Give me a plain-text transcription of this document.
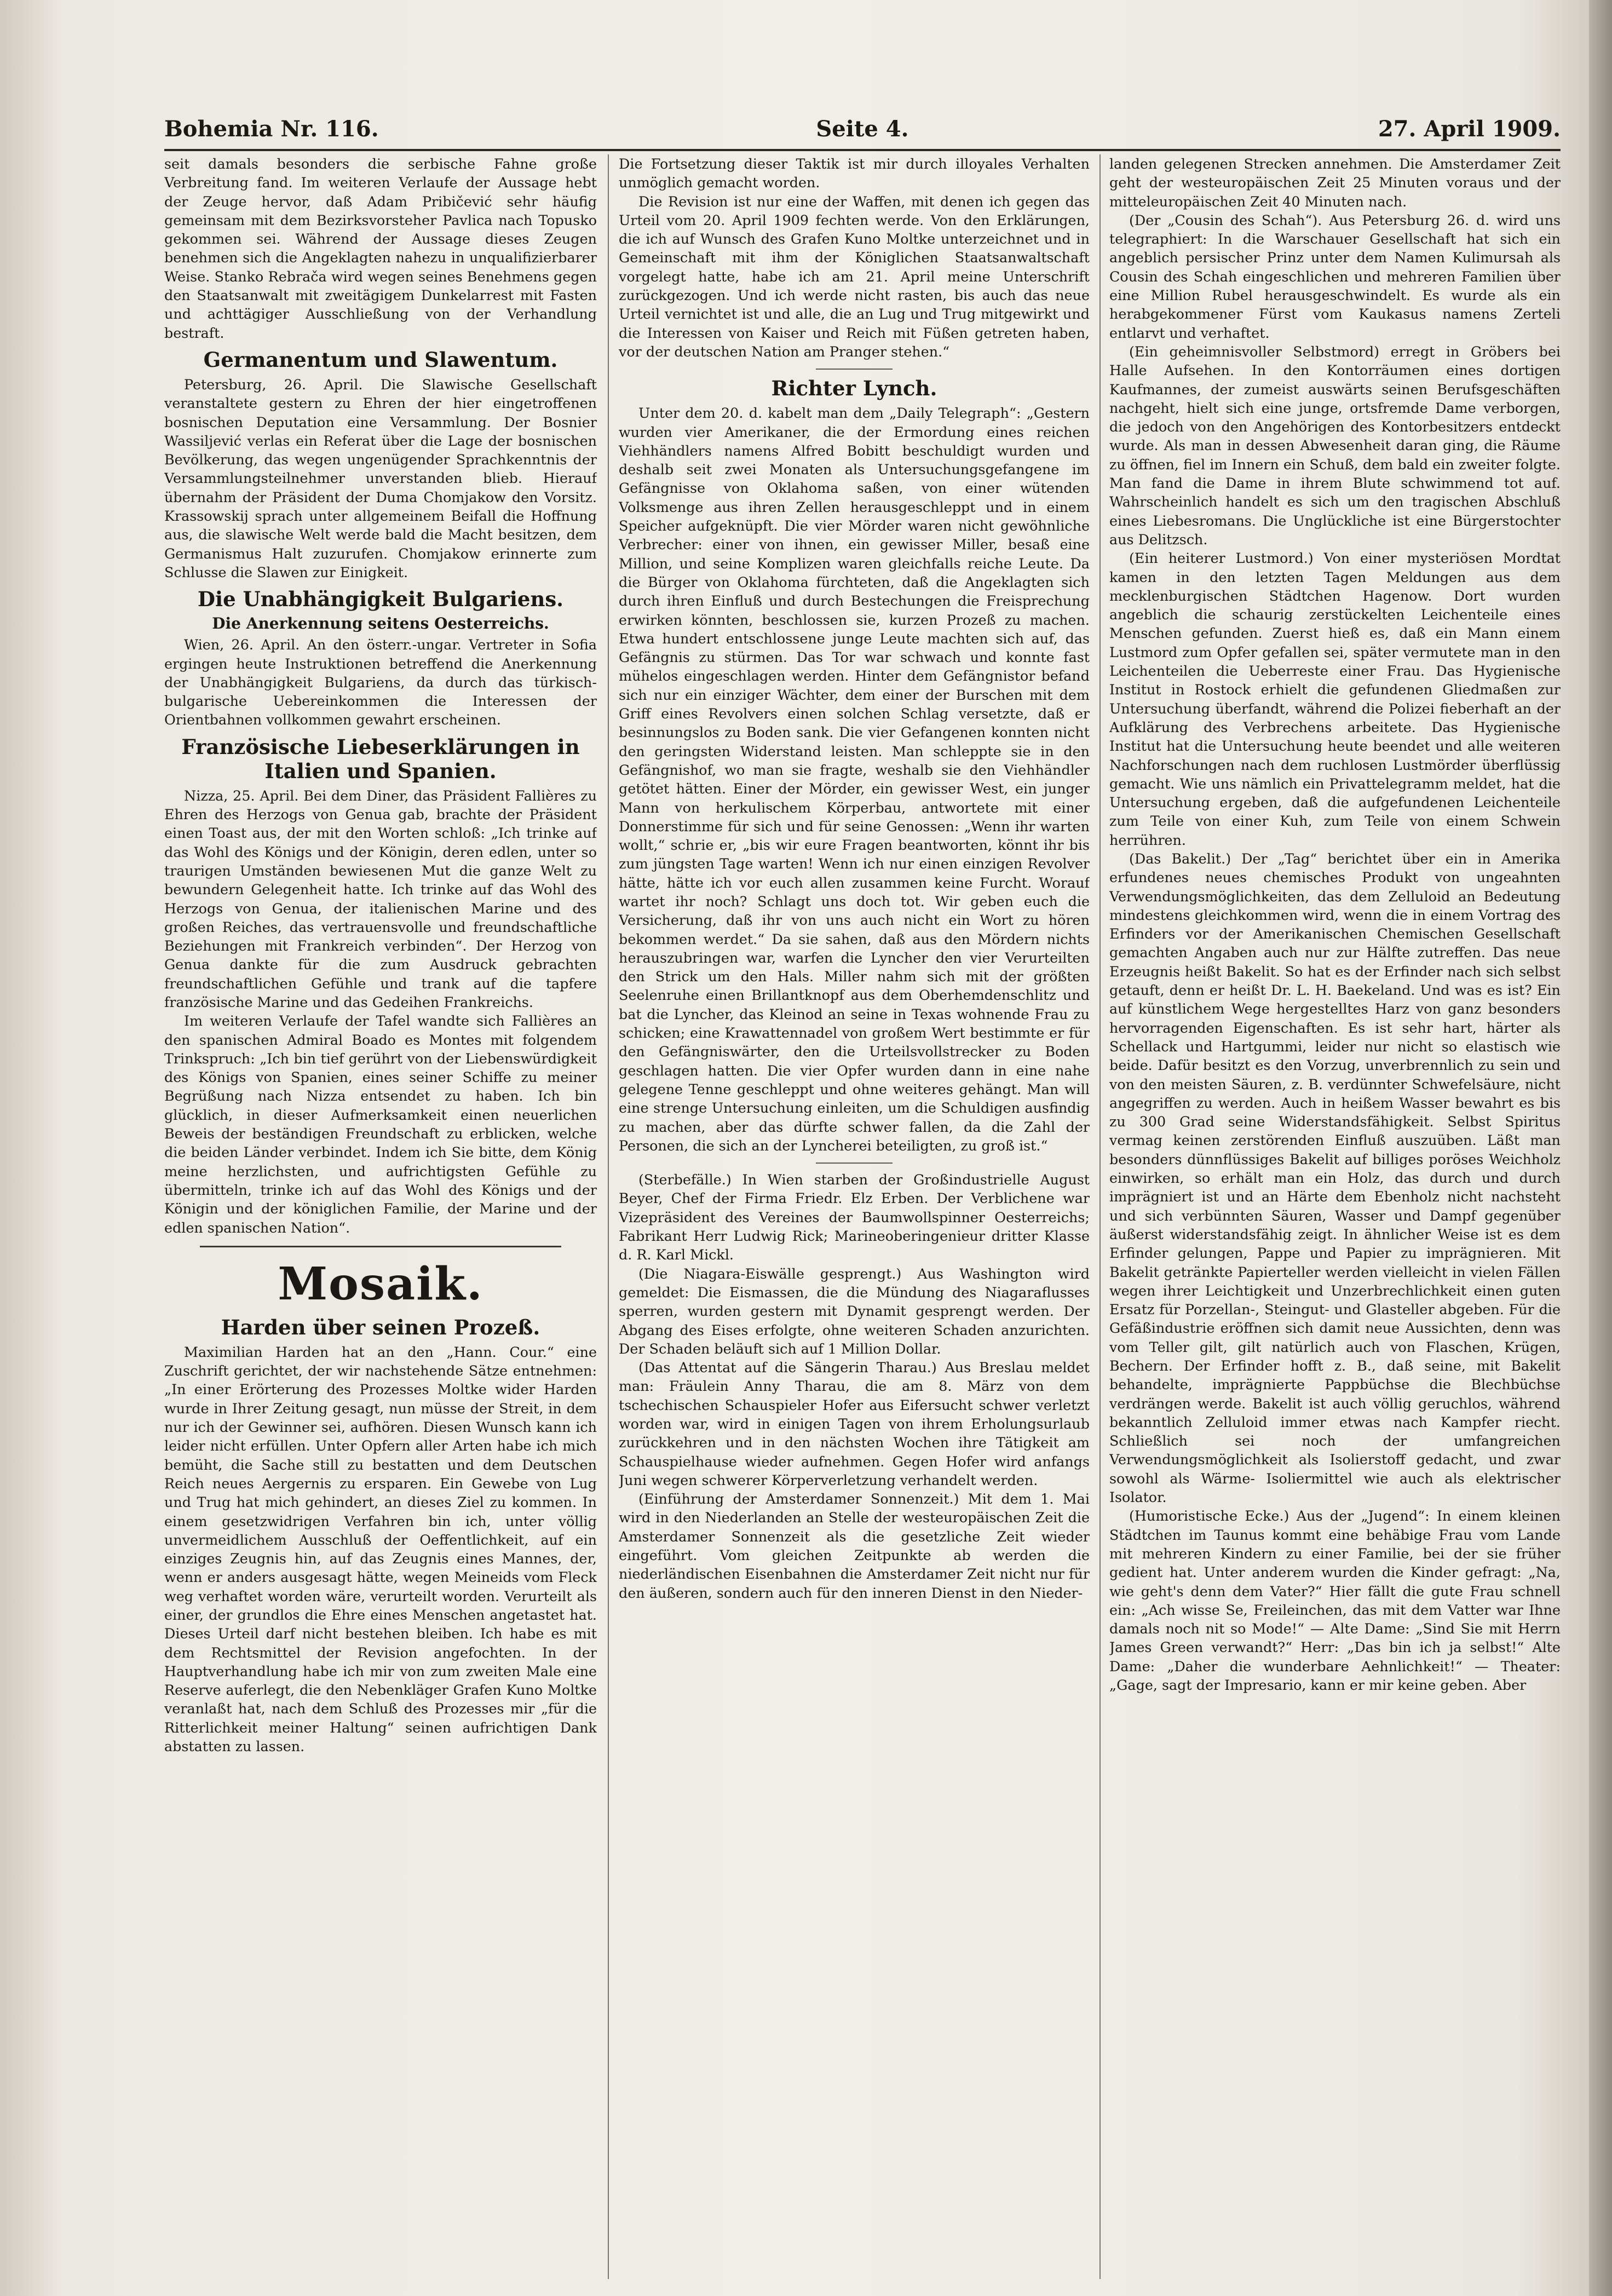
Bohemia Nr. 116.	Seite 4.	27. April 1909.

seit damals besonders die serbische Fahne große Verbreitung fand. Im weiteren Verlaufe der Aussage hebt der Zeuge hervor, daß Adam Pribičević sehr häufig gemeinsam mit dem Bezirksvorsteher Pavlica nach Topusko gekommen sei. Während der Aussage dieses Zeugen benehmen sich die Angeklagten nahezu in unqualifizierbarer Weise. Stanko Rebrača wird wegen seines Benehmens gegen den Staatsanwalt mit zweitägigem Dunkelarrest mit Fasten und achttägiger Ausschließung von der Verhandlung bestraft.

Germanentum und Slawentum.

Petersburg, 26. April. Die Slawische Gesellschaft veranstaltete gestern zu Ehren der hier eingetroffenen bosnischen Deputation eine Versammlung. Der Bosnier Wassiljević verlas ein Referat über die Lage der bosnischen Bevölkerung, das wegen ungenügender Sprachkenntnis der Versammlungsteilnehmer unverstanden blieb. Hierauf übernahm der Präsident der Duma Chomjakow den Vorsitz. Krassowskij sprach unter allgemeinem Beifall die Hoffnung aus, die slawische Welt werde bald die Macht besitzen, dem Germanismus Halt zuzurufen. Chomjakow erinnerte zum Schlusse die Slawen zur Einigkeit.

Die Unabhängigkeit Bulgariens.
Die Anerkennung seitens Oesterreichs.

Wien, 26. April. An den österr.-ungar. Vertreter in Sofia ergingen heute Instruktionen betreffend die Anerkennung der Unabhängigkeit Bulgariens, da durch das türkisch-bulgarische Uebereinkommen die Interessen der Orientbahnen vollkommen gewahrt erscheinen.

Französische Liebeserklärungen in Italien und Spanien.

Nizza, 25. April. Bei dem Diner, das Präsident Fallières zu Ehren des Herzogs von Genua gab, brachte der Präsident einen Toast aus, der mit den Worten schloß: „Ich trinke auf das Wohl des Königs und der Königin, deren edlen, unter so traurigen Umständen bewiesenen Mut die ganze Welt zu bewundern Gelegenheit hatte. Ich trinke auf das Wohl des Herzogs von Genua, der italienischen Marine und des großen Reiches, das vertrauensvolle und freundschaftliche Beziehungen mit Frankreich verbinden“. Der Herzog von Genua dankte für die zum Ausdruck gebrachten freundschaftlichen Gefühle und trank auf die tapfere französische Marine und das Gedeihen Frankreichs.

Im weiteren Verlaufe der Tafel wandte sich Fallières an den spanischen Admiral Boado es Montes mit folgendem Trinkspruch: „Ich bin tief gerührt von der Liebenswürdigkeit des Königs von Spanien, eines seiner Schiffe zu meiner Begrüßung nach Nizza entsendet zu haben. Ich bin glücklich, in dieser Aufmerksamkeit einen neuerlichen Beweis der beständigen Freundschaft zu erblicken, welche die beiden Länder verbindet. Indem ich Sie bitte, dem König meine herzlichsten, und aufrichtigsten Gefühle zu übermitteln, trinke ich auf das Wohl des Königs und der Königin und der königlichen Familie, der Marine und der edlen spanischen Nation“.

Mosaik.
Harden über seinen Prozeß.

Maximilian Harden hat an den „Hann. Cour.“ eine Zuschrift gerichtet, der wir nachstehende Sätze entnehmen: „In einer Erörterung des Prozesses Moltke wider Harden wurde in Ihrer Zeitung gesagt, nun müsse der Streit, in dem nur ich der Gewinner sei, aufhören. Diesen Wunsch kann ich leider nicht erfüllen. Unter Opfern aller Arten habe ich mich bemüht, die Sache still zu bestatten und dem Deutschen Reich neues Aergernis zu ersparen. Ein Gewebe von Lug und Trug hat mich gehindert, an dieses Ziel zu kommen. In einem gesetzwidrigen Verfahren bin ich, unter völlig unvermeidlichem Ausschluß der Oeffentlichkeit, auf ein einziges Zeugnis hin, auf das Zeugnis eines Mannes, der, wenn er anders ausgesagt hätte, wegen Meineids vom Fleck weg verhaftet worden wäre, verurteilt worden. Verurteilt als einer, der grundlos die Ehre eines Menschen angetastet hat. Dieses Urteil darf nicht bestehen bleiben. Ich habe es mit dem Rechtsmittel der Revision angefochten. In der Hauptverhandlung habe ich mir von zum zweiten Male eine Reserve auferlegt, die den Nebenkläger Grafen Kuno Moltke veranlaßt hat, nach dem Schluß des Prozesses mir „für die Ritterlichkeit meiner Haltung“ seinen aufrichtigen Dank abstatten zu lassen.

Die Fortsetzung dieser Taktik ist mir durch illoyales Verhalten unmöglich gemacht worden.

Die Revision ist nur eine der Waffen, mit denen ich gegen das Urteil vom 20. April 1909 fechten werde. Von den Erklärungen, die ich auf Wunsch des Grafen Kuno Moltke unterzeichnet und in Gemeinschaft mit ihm der Königlichen Staatsanwaltschaft vorgelegt hatte, habe ich am 21. April meine Unterschrift zurückgezogen. Und ich werde nicht rasten, bis auch das neue Urteil vernichtet ist und alle, die an Lug und Trug mitgewirkt und die Interessen von Kaiser und Reich mit Füßen getreten haben, vor der deutschen Nation am Pranger stehen.“

Richter Lynch.

Unter dem 20. d. kabelt man dem „Daily Telegraph“: „Gestern wurden vier Amerikaner, die der Ermordung eines reichen Viehhändlers namens Alfred Bobitt beschuldigt wurden und deshalb seit zwei Monaten als Untersuchungsgefangene im Gefängnisse von Oklahoma saßen, von einer wütenden Volksmenge aus ihren Zellen herausgeschleppt und in einem Speicher aufgeknüpft. Die vier Mörder waren nicht gewöhnliche Verbrecher: einer von ihnen, ein gewisser Miller, besaß eine Million, und seine Komplizen waren gleichfalls reiche Leute. Da die Bürger von Oklahoma fürchteten, daß die Angeklagten sich durch ihren Einfluß und durch Bestechungen die Freisprechung erwirken könnten, beschlossen sie, kurzen Prozeß zu machen. Etwa hundert entschlossene junge Leute machten sich auf, das Gefängnis zu stürmen. Das Tor war schwach und konnte fast mühelos eingeschlagen werden. Hinter dem Gefängnistor befand sich nur ein einziger Wächter, dem einer der Burschen mit dem Griff eines Revolvers einen solchen Schlag versetzte, daß er besinnungslos zu Boden sank. Die vier Gefangenen konnten nicht den geringsten Widerstand leisten. Man schleppte sie in den Gefängnishof, wo man sie fragte, weshalb sie den Viehhändler getötet hätten. Einer der Mörder, ein gewisser West, ein junger Mann von herkulischem Körperbau, antwortete mit einer Donnerstimme für sich und für seine Genossen: „Wenn ihr warten wollt,“ schrie er, „bis wir eure Fragen beantworten, könnt ihr bis zum jüngsten Tage warten! Wenn ich nur einen einzigen Revolver hätte, hätte ich vor euch allen zusammen keine Furcht. Worauf wartet ihr noch? Schlagt uns doch tot. Wir geben euch die Versicherung, daß ihr von uns auch nicht ein Wort zu hören bekommen werdet.“ Da sie sahen, daß aus den Mördern nichts herauszubringen war, warfen die Lyncher den vier Verurteilten den Strick um den Hals. Miller nahm sich mit der größten Seelenruhe einen Brillantknopf aus dem Oberhemdenschlitz und bat die Lyncher, das Kleinod an seine in Texas wohnende Frau zu schicken; eine Krawattennadel von großem Wert bestimmte er für den Gefängniswärter, den die Urteilsvollstrecker zu Boden geschlagen hatten. Die vier Opfer wurden dann in eine nahe gelegene Tenne geschleppt und ohne weiteres gehängt. Man will eine strenge Untersuchung einleiten, um die Schuldigen ausfindig zu machen, aber das dürfte schwer fallen, da die Zahl der Personen, die sich an der Lyncherei beteiligten, zu groß ist.“

(Sterbefälle.) In Wien starben der Großindustrielle August Beyer, Chef der Firma Friedr. Elz Erben. Der Verblichene war Vizepräsident des Vereines der Baumwollspinner Oesterreichs; Fabrikant Herr Ludwig Rick; Marineoberingenieur dritter Klasse d. R. Karl Mickl.

(Die Niagara-Eiswälle gesprengt.) Aus Washington wird gemeldet: Die Eismassen, die die Mündung des Niagaraflusses sperren, wurden gestern mit Dynamit gesprengt werden. Der Abgang des Eises erfolgte, ohne weiteren Schaden anzurichten. Der Schaden beläuft sich auf 1 Million Dollar.

(Das Attentat auf die Sängerin Tharau.) Aus Breslau meldet man: Fräulein Anny Tharau, die am 8. März von dem tschechischen Schauspieler Hofer aus Eifersucht schwer verletzt worden war, wird in einigen Tagen von ihrem Erholungsurlaub zurückkehren und in den nächsten Wochen ihre Tätigkeit am Schauspielhause wieder aufnehmen. Gegen Hofer wird anfangs Juni wegen schwerer Körperverletzung verhandelt werden.

(Einführung der Amsterdamer Sonnenzeit.) Mit dem 1. Mai wird in den Niederlanden an Stelle der westeuropäischen Zeit die Amsterdamer Sonnenzeit als die gesetzliche Zeit wieder eingeführt. Vom gleichen Zeitpunkte ab werden die niederländischen Eisenbahnen die Amsterdamer Zeit nicht nur für den äußeren, sondern auch für den inneren Dienst in den Nieder-

landen gelegenen Strecken annehmen. Die Amsterdamer Zeit geht der westeuropäischen Zeit 25 Minuten voraus und der mitteleuropäischen Zeit 40 Minuten nach.

(Der „Cousin des Schah“). Aus Petersburg 26. d. wird uns telegraphiert: In die Warschauer Gesellschaft hat sich ein angeblich persischer Prinz unter dem Namen Kulimursah als Cousin des Schah eingeschlichen und mehreren Familien über eine Million Rubel herausgeschwindelt. Es wurde als ein herabgekommener Fürst vom Kaukasus namens Zerteli entlarvt und verhaftet.

(Ein geheimnisvoller Selbstmord) erregt in Gröbers bei Halle Aufsehen. In den Kontorräumen eines dortigen Kaufmannes, der zumeist auswärts seinen Berufsgeschäften nachgeht, hielt sich eine junge, ortsfremde Dame verborgen, die jedoch von den Angehörigen des Kontorbesitzers entdeckt wurde. Als man in dessen Abwesenheit daran ging, die Räume zu öffnen, fiel im Innern ein Schuß, dem bald ein zweiter folgte. Man fand die Dame in ihrem Blute schwimmend tot auf. Wahrscheinlich handelt es sich um den tragischen Abschluß eines Liebesromans. Die Unglückliche ist eine Bürgerstochter aus Delitzsch.

(Ein heiterer Lustmord.) Von einer mysteriösen Mordtat kamen in den letzten Tagen Meldungen aus dem mecklenburgischen Städtchen Hagenow. Dort wurden angeblich die schaurig zerstückelten Leichenteile eines Menschen gefunden. Zuerst hieß es, daß ein Mann einem Lustmord zum Opfer gefallen sei, später vermutete man in den Leichenteilen die Ueberreste einer Frau. Das Hygienische Institut in Rostock erhielt die gefundenen Gliedmaßen zur Untersuchung überfandt, während die Polizei fieberhaft an der Aufklärung des Verbrechens arbeitete. Das Hygienische Institut hat die Untersuchung heute beendet und alle weiteren Nachforschungen nach dem ruchlosen Lustmörder überflüssig gemacht. Wie uns nämlich ein Privattelegramm meldet, hat die Untersuchung ergeben, daß die aufgefundenen Leichenteile zum Teile von einer Kuh, zum Teile von einem Schwein herrühren.

(Das Bakelit.) Der „Tag“ berichtet über ein in Amerika erfundenes neues chemisches Produkt von ungeahnten Verwendungsmöglichkeiten, das dem Zelluloid an Bedeutung mindestens gleichkommen wird, wenn die in einem Vortrag des Erfinders vor der Amerikanischen Chemischen Gesellschaft gemachten Angaben auch nur zur Hälfte zutreffen. Das neue Erzeugnis heißt Bakelit. So hat es der Erfinder nach sich selbst getauft, denn er heißt Dr. L. H. Baekeland. Und was es ist? Ein auf künstlichem Wege hergestelltes Harz von ganz besonders hervorragenden Eigenschaften. Es ist sehr hart, härter als Schellack und Hartgummi, leider nur nicht so elastisch wie beide. Dafür besitzt es den Vorzug, unverbrennlich zu sein und von den meisten Säuren, z. B. verdünnter Schwefelsäure, nicht angegriffen zu werden. Auch in heißem Wasser bewahrt es bis zu 300 Grad seine Widerstandsfähigkeit. Selbst Spiritus vermag keinen zerstörenden Einfluß auszuüben. Läßt man besonders dünnflüssiges Bakelit auf billiges poröses Weichholz einwirken, so erhält man ein Holz, das durch und durch imprägniert ist und an Härte dem Ebenholz nicht nachsteht und sich verbünnten Säuren, Wasser und Dampf gegenüber äußerst widerstandsfähig zeigt. In ähnlicher Weise ist es dem Erfinder gelungen, Pappe und Papier zu imprägnieren. Mit Bakelit getränkte Papierteller werden vielleicht in vielen Fällen wegen ihrer Leichtigkeit und Unzerbrechlichkeit einen guten Ersatz für Porzellan-, Steingut- und Glasteller abgeben. Für die Gefäßindustrie eröffnen sich damit neue Aussichten, denn was vom Teller gilt, gilt natürlich auch von Flaschen, Krügen, Bechern. Der Erfinder hofft z. B., daß seine, mit Bakelit behandelte, imprägnierte Pappbüchse die Blechbüchse verdrängen werde. Bakelit ist auch völlig geruchlos, während bekanntlich Zelluloid immer etwas nach Kampfer riecht. Schließlich sei noch der umfangreichen Verwendungsmöglichkeit als Isolierstoff gedacht, und zwar sowohl als Wärme- Isoliermittel wie auch als elektrischer Isolator.

(Humoristische Ecke.) Aus der „Jugend“: In einem kleinen Städtchen im Taunus kommt eine behäbige Frau vom Lande mit mehreren Kindern zu einer Familie, bei der sie früher gedient hat. Unter anderem wurden die Kinder gefragt: „Na, wie geht's denn dem Vater?“ Hier fällt die gute Frau schnell ein: „Ach wisse Se, Freileinchen, das mit dem Vatter war Ihne damals noch nit so Mode!“ — Alte Dame: „Sind Sie mit Herrn James Green verwandt?“ Herr: „Das bin ich ja selbst!“ Alte Dame: „Daher die wunderbare Aehnlichkeit!“ — Theater: „Gage, sagt der Impresario, kann er mir keine geben. Aber
